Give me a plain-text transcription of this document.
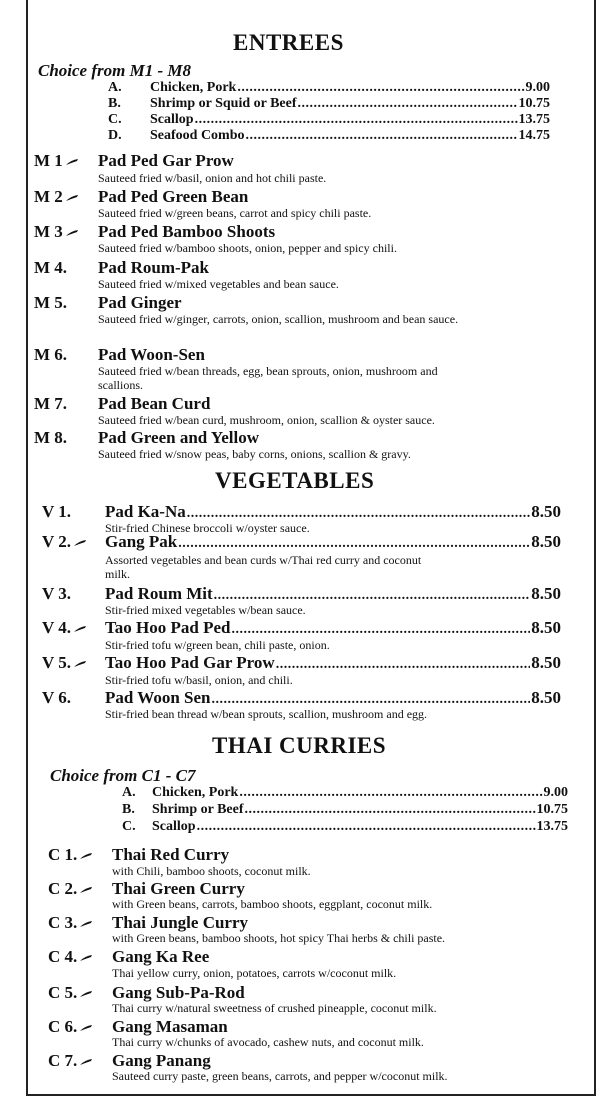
ENTREES
Choice from M1 - M8
A.	Chicken, Pork .....	9.00
B.	Shrimp or Squid or Beef .....	10.75
C.	Scallop .....	13.75
D.	Seafood Combo .....	14.75
M 1	Pad Ped Gar Prow
Sauteed fried w/basil, onion and hot chili paste.
M 2	Pad Ped Green Bean
Sauteed fried w/green beans, carrot and spicy chili paste.
M 3	Pad Ped Bamboo Shoots
Sauteed fried w/bamboo shoots, onion, pepper and spicy chili.
M 4. Pad Roum-Pak
Sauteed fried w/mixed vegetables and bean sauce.
M 5. Pad Ginger
Sauteed fried w/ginger, carrots, onion, scallion, mushroom and bean sauce.
M 6. Pad Woon-Sen
Sauteed fried w/bean threads, egg, bean sprouts, onion, mushroom and scallions.
M 7. Pad Bean Curd
Sauteed fried w/bean curd, mushroom, onion, scallion & oyster sauce.
M 8. Pad Green and Yellow
Sauteed fried w/snow peas, baby corns, onions, scallion & gravy.
VEGETABLES
V 1. Pad Ka-Na .....	8.50
Stir-fried Chinese broccoli w/oyster sauce.
V 2.	Gang Pak .....	8.50
Assorted vegetables and bean curds w/Thai red curry and coconut milk.
V 3. Pad Roum Mit .....	8.50
Stir-fried mixed vegetables w/bean sauce.
V 4.	Tao Hoo Pad Ped .....	8.50
Stir-fried tofu w/green bean, chili paste, onion.
V 5.	Tao Hoo Pad Gar Prow .....	8.50
Stir-fried tofu w/basil, onion, and chili.
V 6. Pad Woon Sen .....	8.50
Stir-fried bean thread w/bean sprouts, scallion, mushroom and egg.
THAI CURRIES
Choice from C1 - C7
A.	Chicken, Pork .....	9.00
B.	Shrimp or Beef .....	10.75
C.	Scallop .....	13.75
C 1.	Thai Red Curry
with Chili, bamboo shoots, coconut milk.
C 2.	Thai Green Curry
with Green beans, carrots, bamboo shoots, eggplant, coconut milk.
C 3.	Thai Jungle Curry
with Green beans, bamboo shoots, hot spicy Thai herbs & chili paste.
C 4.	Gang Ka Ree
Thai yellow curry, onion, potatoes, carrots w/coconut milk.
C 5.	Gang Sub-Pa-Rod
Thai curry w/natural sweetness of crushed pineapple, coconut milk.
C 6.	Gang Masaman
Thai curry w/chunks of avocado, cashew nuts, and coconut milk.
C 7.	Gang Panang
Sauteed curry paste, green beans, carrots, and pepper w/coconut milk.
